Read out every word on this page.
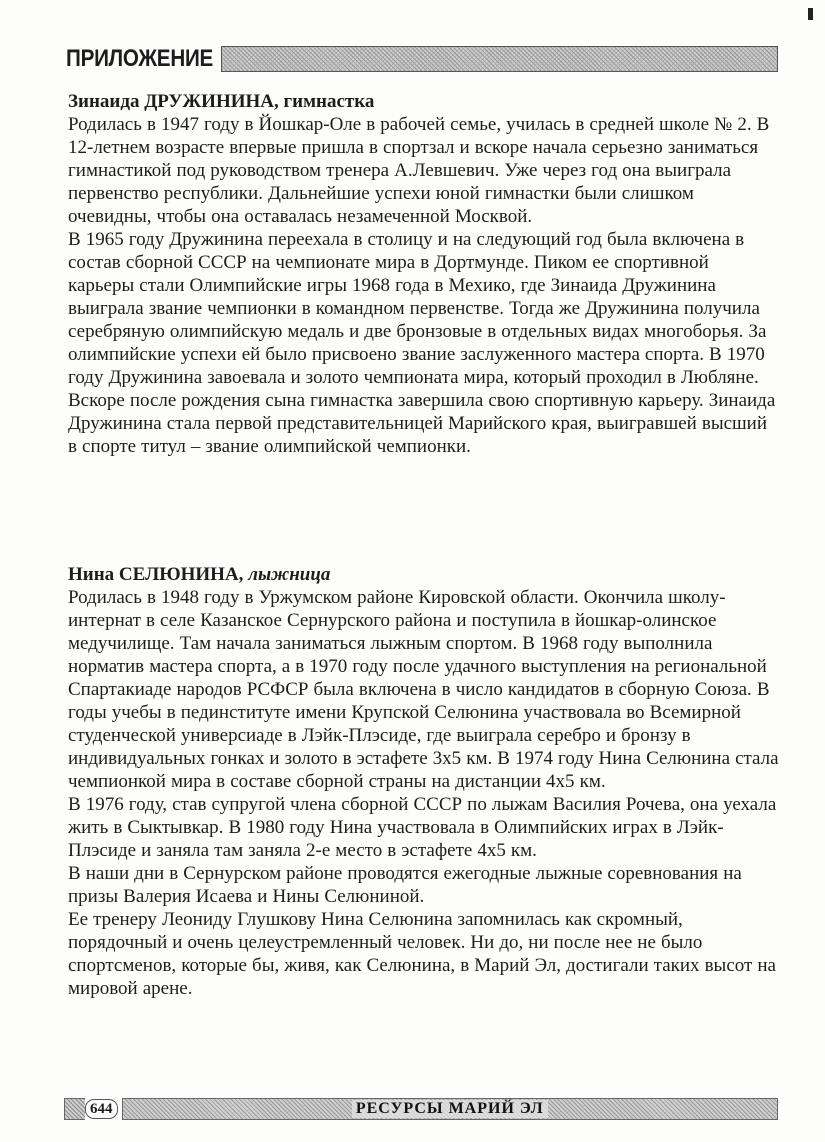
ПРИЛОЖЕНИЕ
Зинаида ДРУЖИНИНА, гимнастка

Родилась в 1947 году в Йошкар-Оле в рабочей семье, училась в средней школе № 2. В 12-летнем возрасте впервые пришла в спортзал и вскоре начала серьезно заниматься гимнастикой под руководством тренера А.Левшевич. Уже через год она выиграла первенство республики. Дальнейшие успехи юной гимнастки были слишком очевидны, чтобы она оставалась незамеченной Москвой.

В 1965 году Дружинина переехала в столицу и на следующий год была включена в состав сборной СССР на чемпионате мира в Дортмунде. Пиком ее спортивной карьеры стали Олимпийские игры 1968 года в Мехико, где Зинаида Дружинина выиграла звание чемпионки в командном первенстве. Тогда же Дружинина получила серебряную олимпийскую медаль и две бронзовые в отдельных видах многоборья. За олимпийские успехи ей было присвоено звание заслуженного мастера спорта. В 1970 году Дружинина завоевала и золото чемпионата мира, который проходил в Любляне.

Вскоре после рождения сына гимнастка завершила свою спортивную карьеру. Зинаида Дружинина стала первой представительницей Марийского края, выигравшей высший в спорте титул – звание олимпийской чемпионки.

Нина СЕЛЮНИНА, лыжница

Родилась в 1948 году в Уржумском районе Кировской области. Окончила школу-интернат в селе Казанское Сернурского района и поступила в йошкар-олинское медучилище. Там начала заниматься лыжным спортом. В 1968 году выполнила норматив мастера спорта, а в 1970 году после удачного выступления на региональной Спартакиаде народов РСФСР была включена в число кандидатов в сборную Союза. В годы учебы в пединституте имени Крупской Селюнина участвовала во Всемирной студенческой универсиаде в Лэйк-Плэсиде, где выиграла серебро и бронзу в индивидуальных гонках и золото в эстафете 3х5 км. В 1974 году Нина Селюнина стала чемпионкой мира в составе сборной страны на дистанции 4х5 км.

В 1976 году, став супругой члена сборной СССР по лыжам Василия Рочева, она уехала жить в Сыктывкар. В 1980 году Нина участвовала в Олимпийских играх в Лэйк-Плэсиде и заняла там заняла 2-е место в эстафете 4х5 км.

В наши дни в Сернурском районе проводятся ежегодные лыжные соревнования на призы Валерия Исаева и Нины Селюниной.

Ее тренеру Леониду Глушкову Нина Селюнина запомнилась как скромный, порядочный и очень целеустремленный человек. Ни до, ни после нее не было спортсменов, которые бы, живя, как Селюнина, в Марий Эл, достигали таких высот на мировой арене.

644	РЕСУРСЫ МАРИЙ ЭЛ
